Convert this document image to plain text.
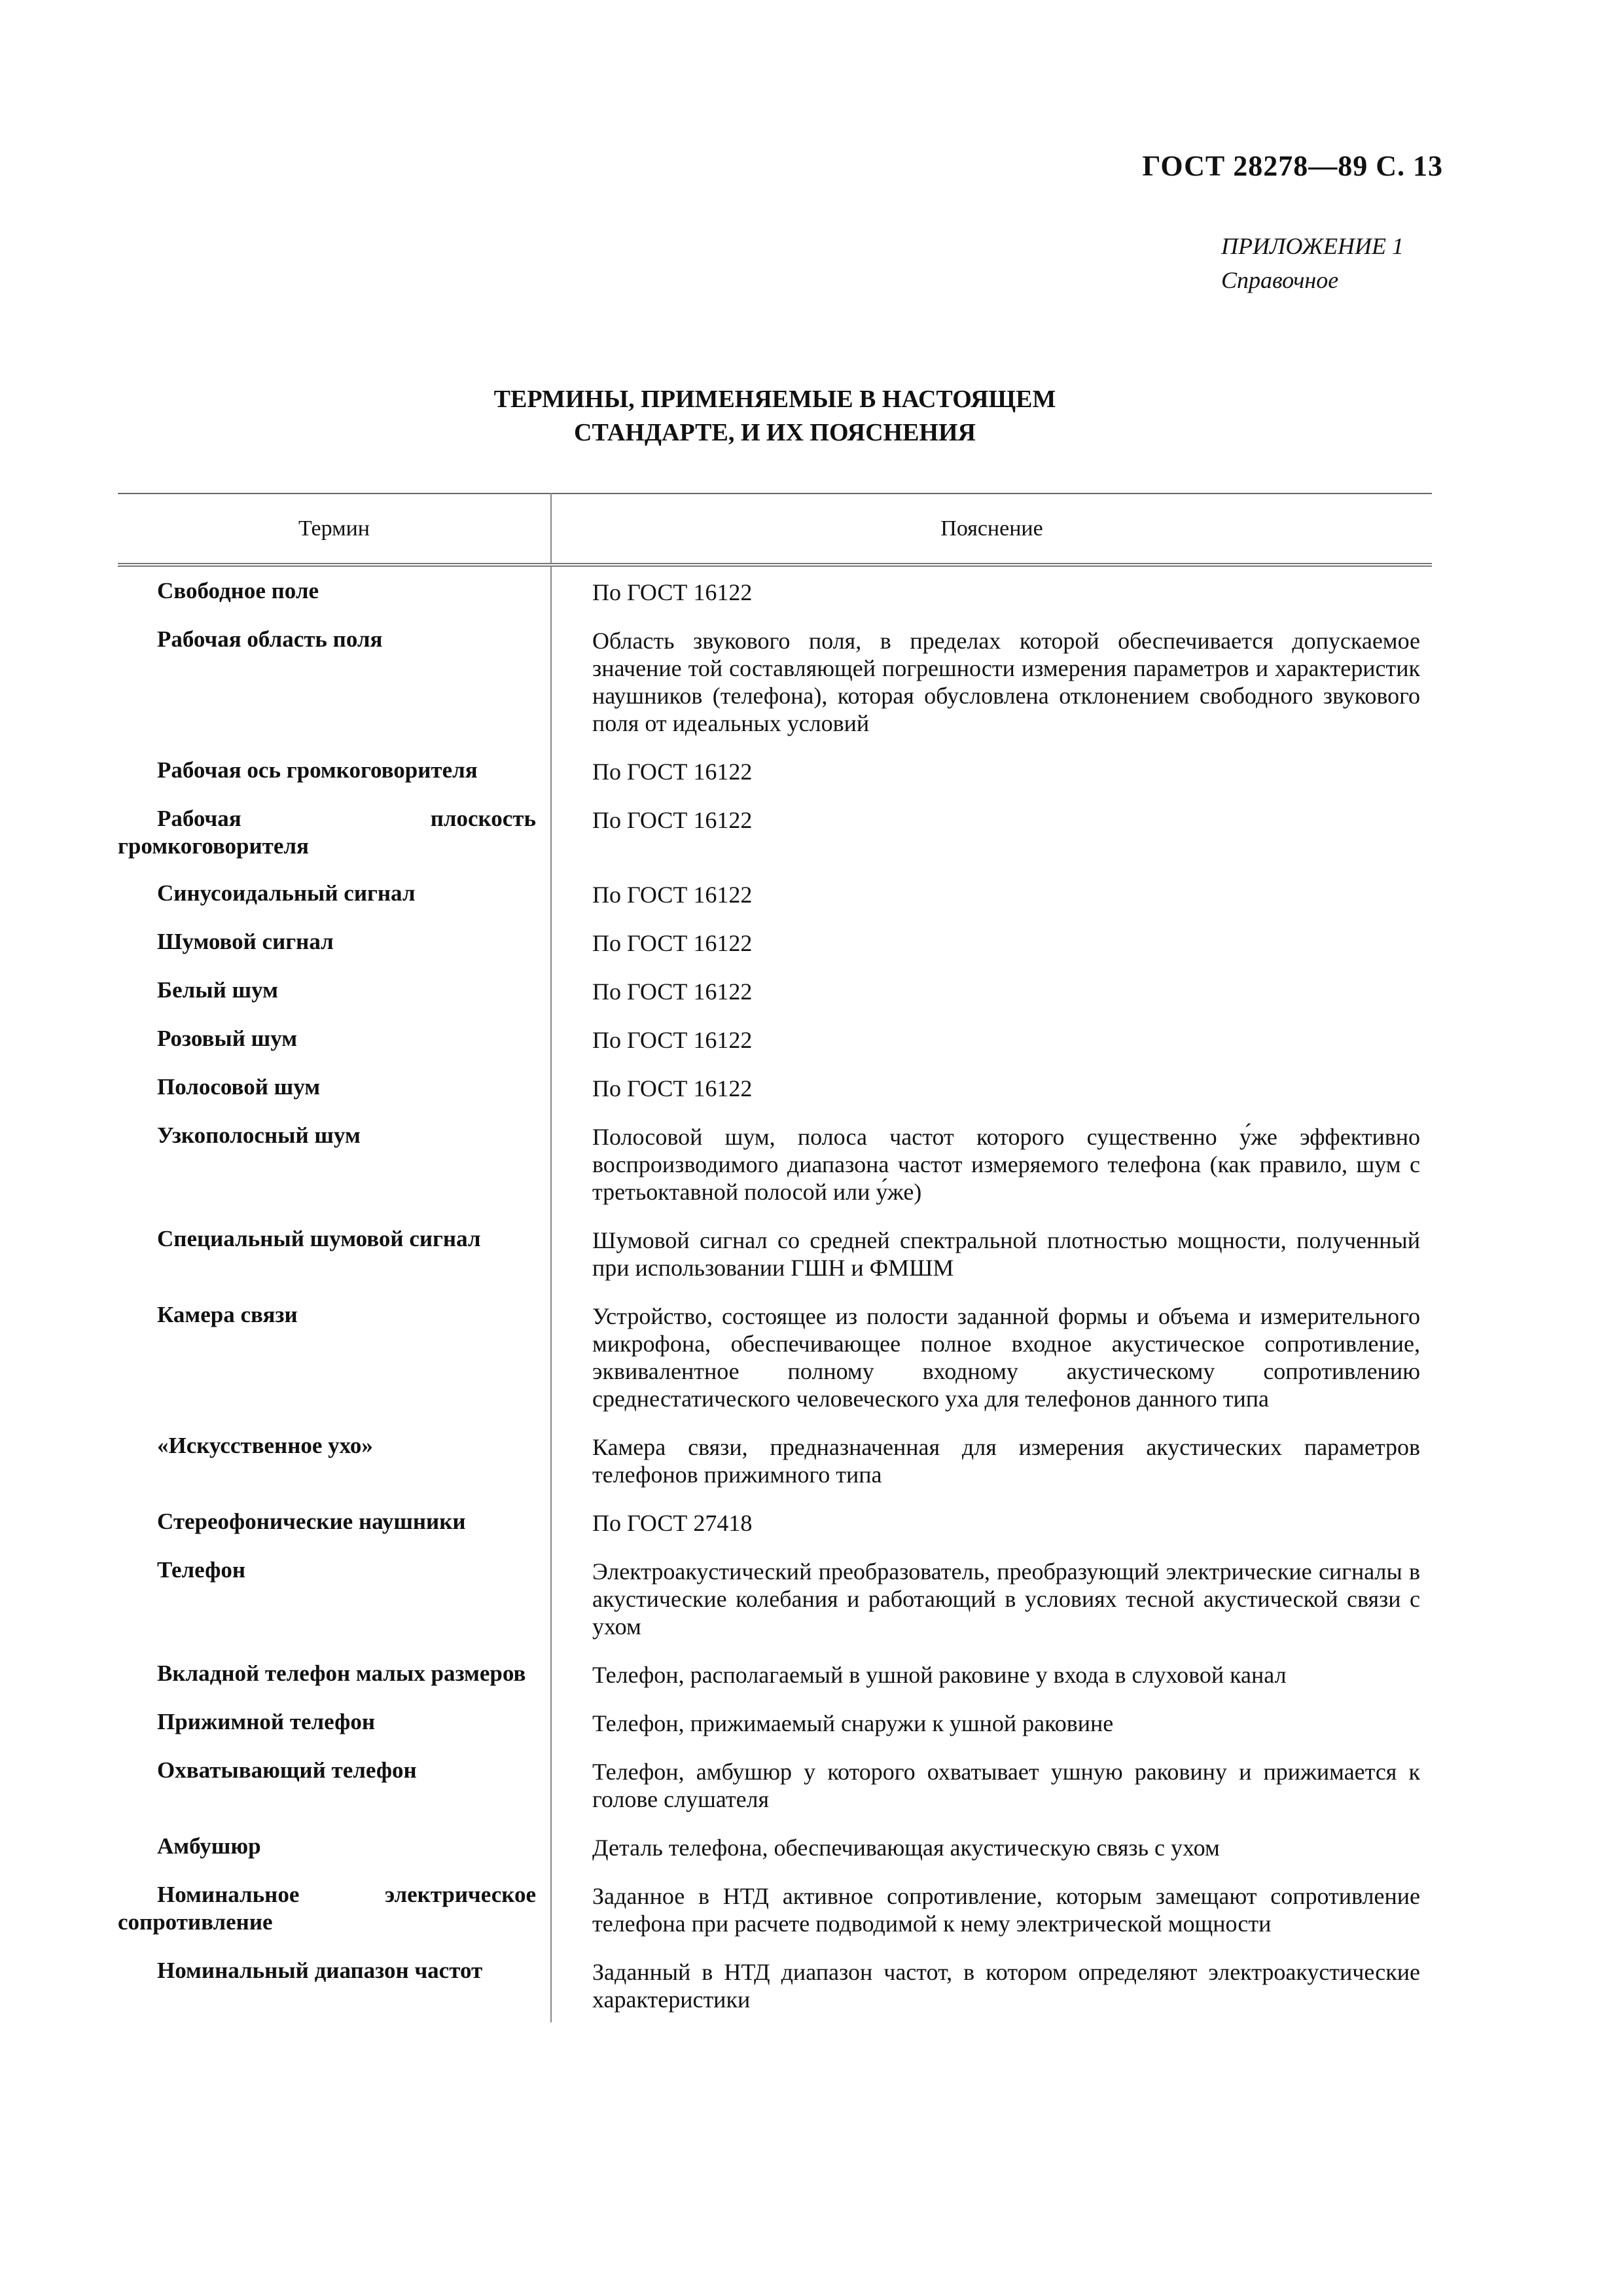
ГОСТ 28278—89 С. 13
ПРИЛОЖЕНИЕ 1
Справочное
ТЕРМИНЫ, ПРИМЕНЯЕМЫЕ В НАСТОЯЩЕМ
СТАНДАРТЕ, И ИХ ПОЯСНЕНИЯ
Термин	Пояснение
Свободное поле	По ГОСТ 16122
Рабочая область поля	Область звукового поля, в пределах которой обеспечивается допускаемое значение той составляющей погрешности измерения параметров и характеристик наушников (телефона), которая обусловлена отклонением свободного звукового поля от идеальных условий
Рабочая ось громкоговорителя	По ГОСТ 16122
Рабочая плоскость громкоговорителя	По ГОСТ 16122
Синусоидальный сигнал	По ГОСТ 16122
Шумовой сигнал	По ГОСТ 16122
Белый шум	По ГОСТ 16122
Розовый шум	По ГОСТ 16122
Полосовой шум	По ГОСТ 16122
Узкополосный шум	Полосовой шум, полоса частот которого существенно у́же эффективно воспроизводимого диапазона частот измеряемого телефона (как правило, шум с третьоктавной полосой или у́же)
Специальный шумовой сигнал	Шумовой сигнал со средней спектральной плотностью мощности, полученный при использовании ГШН и ФМШМ
Камера связи	Устройство, состоящее из полости заданной формы и объема и измерительного микрофона, обеспечивающее полное входное акустическое сопротивление, эквивалентное полному входному акустическому сопротивлению среднестатического человеческого уха для телефонов данного типа
«Искусственное ухо»	Камера связи, предназначенная для измерения акустических параметров телефонов прижимного типа
Стереофонические наушники	По ГОСТ 27418
Телефон	Электроакустический преобразователь, преобразующий электрические сигналы в акустические колебания и работающий в условиях тесной акустической связи с ухом
Вкладной телефон малых размеров	Телефон, располагаемый в ушной раковине у входа в слуховой канал
Прижимной телефон	Телефон, прижимаемый снаружи к ушной раковине
Охватывающий телефон	Телефон, амбушюр у которого охватывает ушную раковину и прижимается к голове слушателя
Амбушюр	Деталь телефона, обеспечивающая акустическую связь с ухом
Номинальное электрическое сопротивление	Заданное в НТД активное сопротивление, которым замещают сопротивление телефона при расчете подводимой к нему электрической мощности
Номинальный диапазон частот	Заданный в НТД диапазон частот, в котором определяют электроакустические характеристики
